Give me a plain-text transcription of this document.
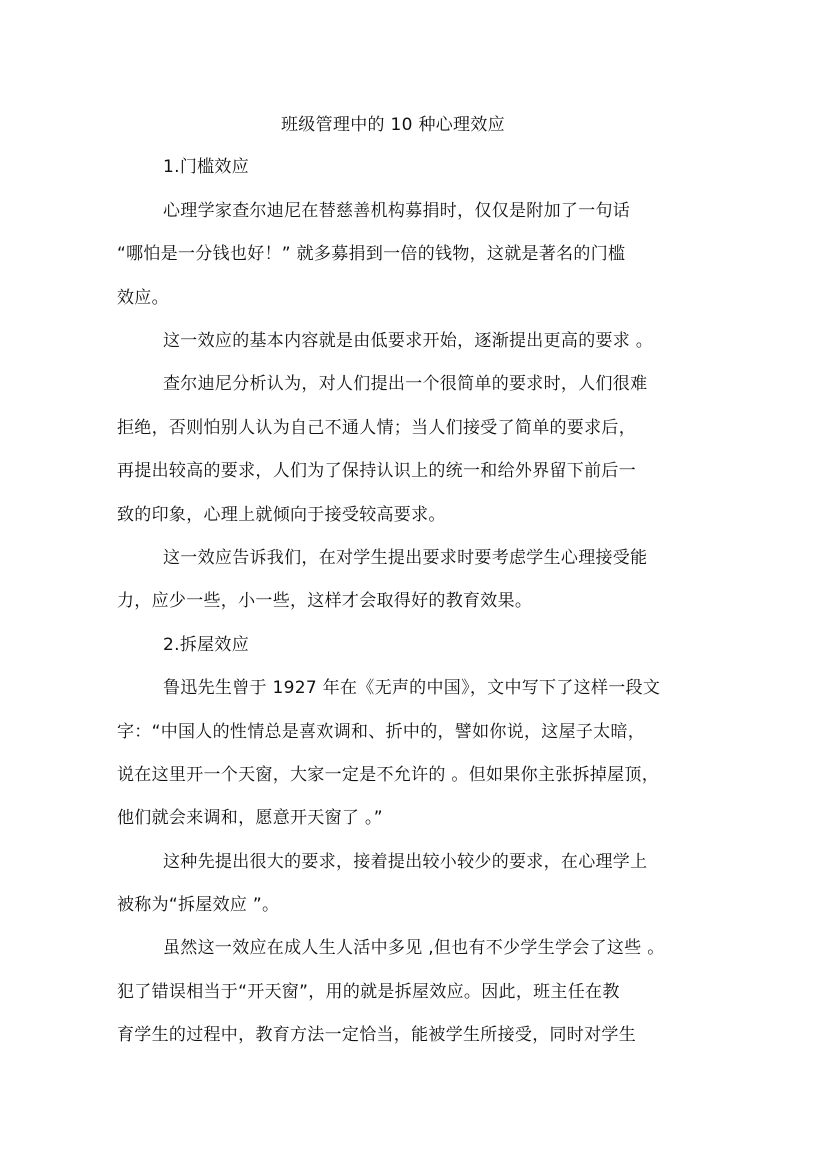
班级管理中的 10 种心理效应
1.门槛效应
心理学家查尔迪尼在替慈善机构募捐时，仅仅是附加了一句话
“哪怕是一分钱也好！” 就多募捐到一倍的钱物，这就是著名的门槛
效应。
这一效应的基本内容就是由低要求开始，逐渐提出更高的要求 。
查尔迪尼分析认为，对人们提出一个很简单的要求时，人们很难
拒绝，否则怕别人认为自己不通人情；当人们接受了简单的要求后，
再提出较高的要求，人们为了保持认识上的统一和给外界留下前后一
致的印象，心理上就倾向于接受较高要求。
这一效应告诉我们，在对学生提出要求时要考虑学生心理接受能
力，应少一些，小一些，这样才会取得好的教育效果。
2.拆屋效应
鲁迅先生曾于 1927 年在《无声的中国》，文中写下了这样一段文
字：“中国人的性情总是喜欢调和、折中的，譬如你说，这屋子太暗，
说在这里开一个天窗，大家一定是不允许的 。但如果你主张拆掉屋顶，
他们就会来调和，愿意开天窗了 。”
这种先提出很大的要求，接着提出较小较少的要求，在心理学上
被称为“拆屋效应 ”。
虽然这一效应在成人生人活中多见 ,但也有不少学生学会了这些 。
犯了错误相当于“开天窗”，用的就是拆屋效应。因此，班主任在教
育学生的过程中，教育方法一定恰当，能被学生所接受，同时对学生
